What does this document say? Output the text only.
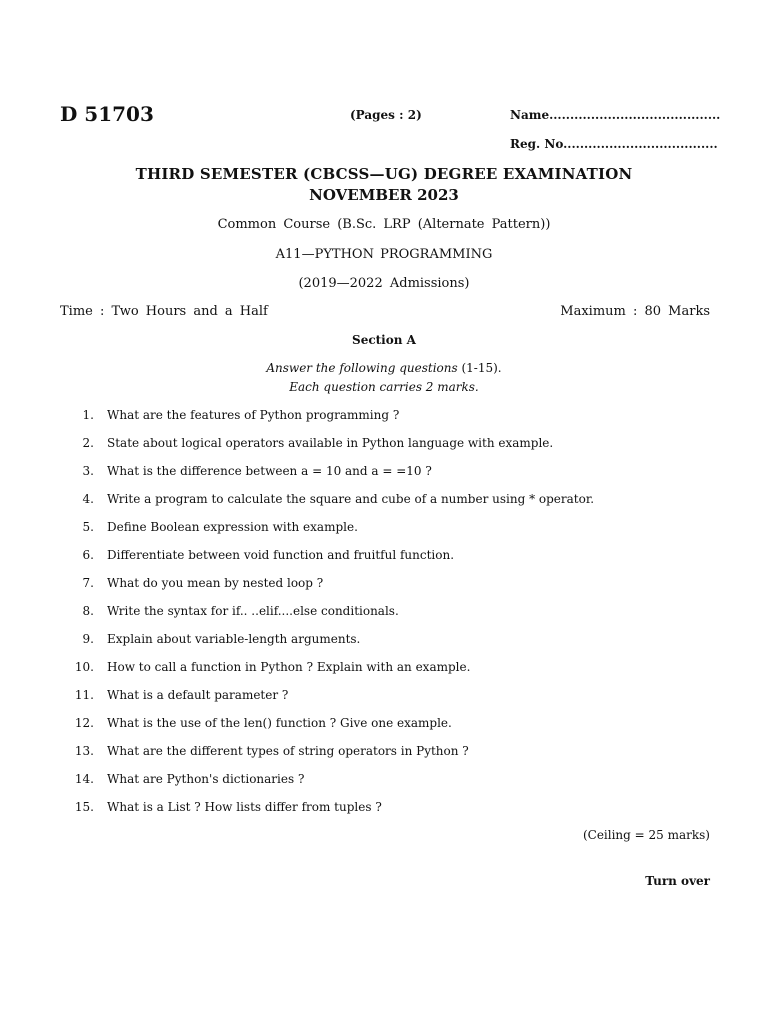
D 51703	(Pages : 2)	Name.........................................
Reg. No.....................................
THIRD SEMESTER (CBCSS—UG) DEGREE EXAMINATION
NOVEMBER 2023
Common Course (B.Sc. LRP (Alternate Pattern))
A11—PYTHON PROGRAMMING
(2019—2022 Admissions)
Time : Two Hours and a Half	Maximum : 80 Marks
Section A
Answer the following questions (1-15).
Each question carries 2 marks.
1. What are the features of Python programming ?
2. State about logical operators available in Python language with example.
3. What is the difference between a = 10 and a = =10 ?
4. Write a program to calculate the square and cube of a number using * operator.
5. Define Boolean expression with example.
6. Differentiate between void function and fruitful function.
7. What do you mean by nested loop ?
8. Write the syntax for if.. ..elif....else conditionals.
9. Explain about variable-length arguments.
10. How to call a function in Python ? Explain with an example.
11. What is a default parameter ?
12. What is the use of the len() function ? Give one example.
13. What are the different types of string operators in Python ?
14. What are Python's dictionaries ?
15. What is a List ? How lists differ from tuples ?
(Ceiling = 25 marks)
Turn over
